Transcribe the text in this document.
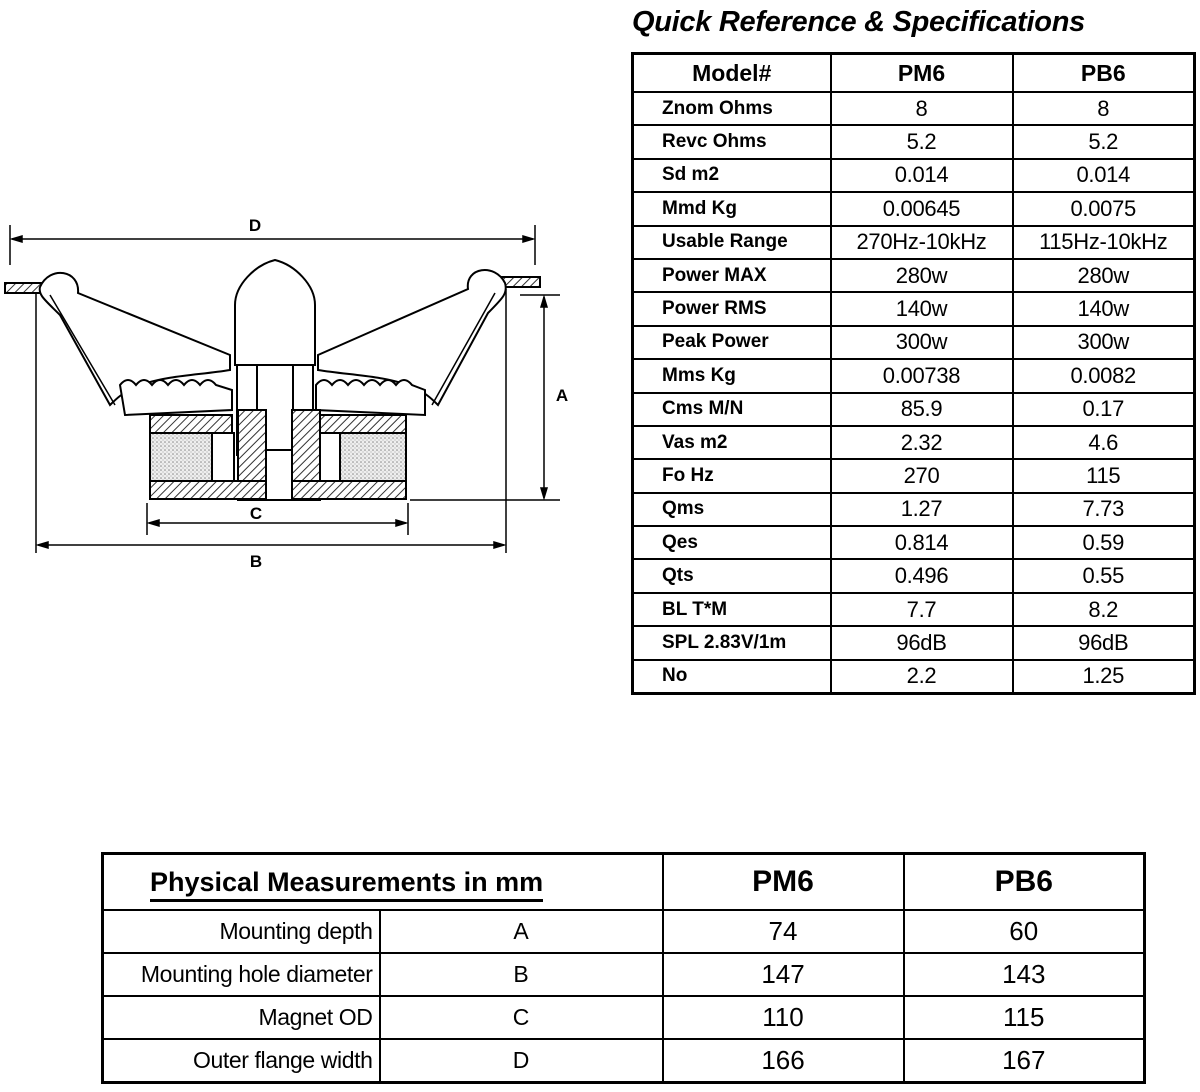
D
A
C
B
Quick Reference & Specifications
Model#	PM6	PB6
Znom Ohms	8	8
Revc Ohms	5.2	5.2
Sd m2	0.014	0.014
Mmd Kg	0.00645	0.0075
Usable Range	270Hz-10kHz	115Hz-10kHz
Power MAX	280w	280w
Power RMS	140w	140w
Peak Power	300w	300w
Mms Kg	0.00738	0.0082
Cms M/N	85.9	0.17
Vas m2	2.32	4.6
Fo Hz	270	115
Qms	1.27	7.73
Qes	0.814	0.59
Qts	0.496	0.55
BL T*M	7.7	8.2
SPL 2.83V/1m	96dB	96dB
No	2.2	1.25
Physical Measurements in mm		PM6	PB6
Mounting depth	A	74	60
Mounting hole diameter	B	147	143
Magnet OD	C	110	115
Outer flange width	D	166	167
